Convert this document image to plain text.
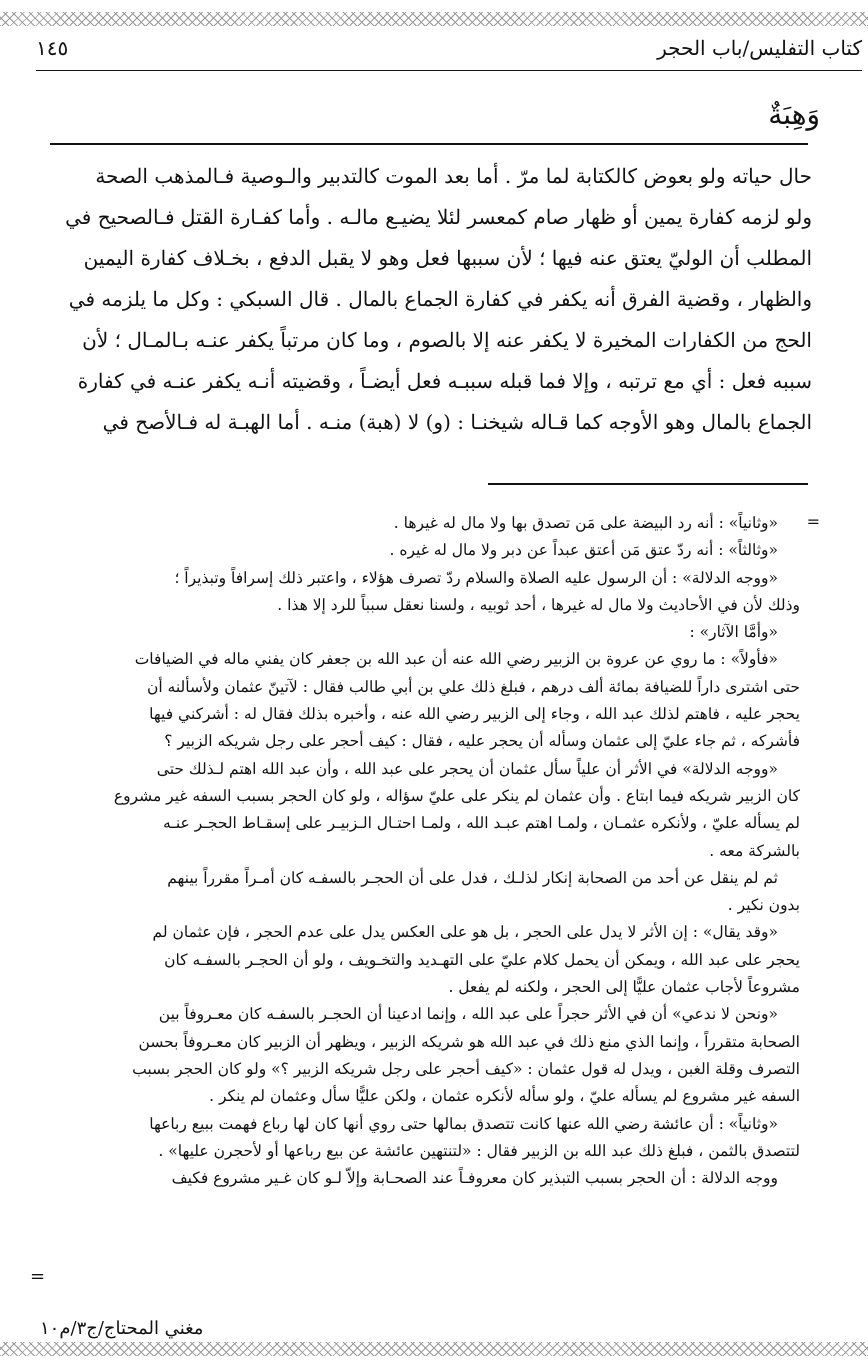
كتاب التفليس/باب الحجر
١٤٥
وَهِبَةٌ
حال حياته ولو بعوض كالكتابة لما مرّ . أما بعد الموت كالتدبير والـوصية فـالمذهب الصحة
ولو لزمه كفارة يمين أو ظهار صام كمعسر لئلا يضيـع مالـه . وأما كفـارة القتل فـالصحيح في
المطلب أن الوليّ يعتق عنه فيها ؛ لأن سببها فعل وهو لا يقبل الدفع ، بخـلاف كفارة اليمين
والظهار ، وقضية الفرق أنه يكفر في كفارة الجماع بالمال . قال السبكي : وكل ما يلزمه في
الحج من الكفارات المخيرة لا يكفر عنه إلا بالصوم ، وما كان مرتباً يكفر عنـه بـالمـال ؛ لأن
سببه فعل : أي مع ترتبه ، وإلا فما قبله سببـه فعل أيضـاً ، وقضيته أنـه يكفر عنـه في كفارة
الجماع بالمال وهو الأوجه كما قـاله شيخنـا : (و) لا (هبة) منـه . أما الهبـة له فـالأصح في
=
«وثانياً» : أنه رد البيضة على مَن تصدق بها ولا مال له غيرها .
«وثالثاً» : أنه ردّ عتق مَن أعتق عبداً عن دبر ولا مال له غيره .
«ووجه الدلالة» : أن الرسول عليه الصلاة والسلام ردّ تصرف هؤلاء ، واعتبر ذلك إسرافاً وتبذيراً ؛
وذلك لأن في الأحاديث ولا مال له غيرها ، أحد ثوبيه ، ولسنا نعقل سبباً للرد إلا هذا .
«وأمَّا الآثار» :
«فأولاً» : ما روي عن عروة بن الزبير رضي الله عنه أن عبد الله بن جعفر كان يفني ماله في الضيافات
حتى اشترى داراً للضيافة بمائة ألف درهم ، فبلغ ذلك علي بن أبي طالب فقال : لآتينّ عثمان ولأسألنه أن
يحجر عليه ، فاهتم لذلك عبد الله ، وجاء إلى الزبير رضي الله عنه ، وأخبره بذلك فقال له : أشركني فيها
فأشركه ، ثم جاء عليّ إلى عثمان وسأله أن يحجر عليه ، فقال : كيف أحجر على رجل شريكه الزبير ؟
«ووجه الدلالة» في الأثر أن علياً سأل عثمان أن يحجر على عبد الله ، وأن عبد الله اهتم لـذلك حتى
كان الزبير شريكه فيما ابتاع . وأن عثمان لم ينكر على عليّ سؤاله ، ولو كان الحجر بسبب السفه غير مشروع
لم يسأله عليّ ، ولأنكره عثمـان ، ولمـا اهتم عبـد الله ، ولمـا احتـال الـزبيـر على إسقـاط الحجـر عنـه
بالشركة معه .
ثم لم ينقل عن أحد من الصحابة إنكار لذلـك ، فدل على أن الحجـر بالسفـه كان أمـراً مقرراً بينهم
بدون نكير .
«وقد يقال» : إن الأثر لا يدل على الحجر ، بل هو على العكس يدل على عدم الحجر ، فإن عثمان لم
يحجر على عبد الله ، ويمكن أن يحمل كلام عليّ على التهـديد والتخـويف ، ولو أن الحجـر بالسفـه كان
مشروعاً لأجاب عثمان عليًّا إلى الحجر ، ولكنه لم يفعل .
«ونحن لا ندعي» أن في الأثر حجراً على عبد الله ، وإنما ادعينا أن الحجـر بالسفـه كان معـروفاً بين
الصحابة متقرراً ، وإنما الذي منع ذلك في عبد الله هو شريكه الزبير ، ويظهر أن الزبير كان معـروفاً بحسن
التصرف وقلة الغبن ، ويدل له قول عثمان : «كيف أحجر على رجل شريكه الزبير ؟» ولو كان الحجر بسبب
السفه غير مشروع لم يسأله عليّ ، ولو سأله لأنكره عثمان ، ولكن عليًّا سأل وعثمان لم ينكر .
«وثانياً» : أن عائشة رضي الله عنها كانت تتصدق بمالها حتى روي أنها كان لها رباع فهمت ببيع رباعها
لتتصدق بالثمن ، فبلغ ذلك عبد الله بن الزبير فقال : «لتنتهين عائشة عن بيع رباعها أو لأحجرن عليها» .
ووجه الدلالة : أن الحجر بسبب التبذير كان معروفـاً عند الصحـابة وإلاّ لـو كان غـير مشروع فكيف
=
مغني المحتاج/ج٣/م١٠
